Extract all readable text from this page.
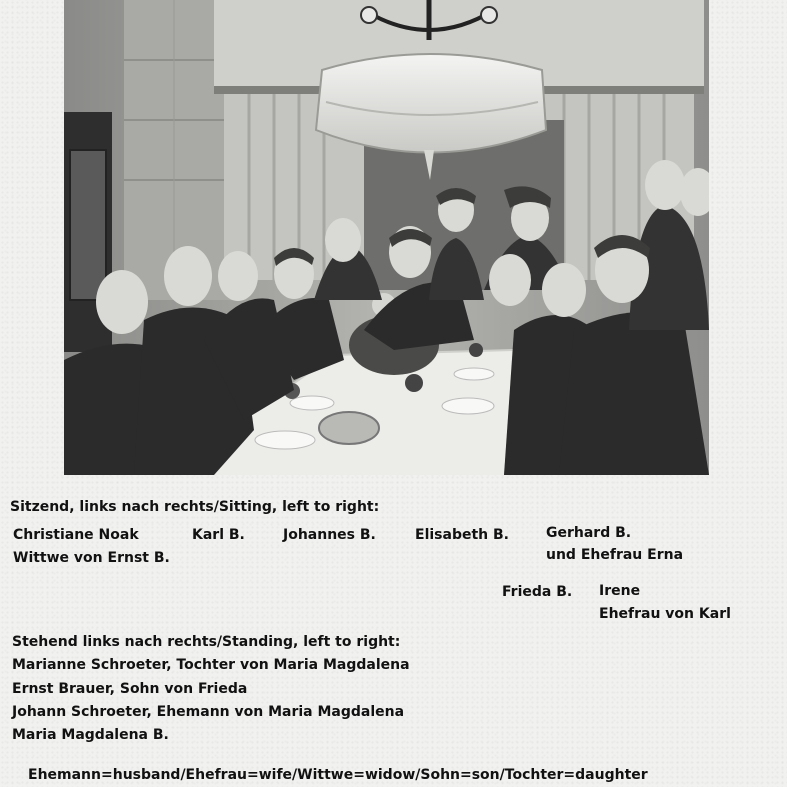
Sitzend, links nach rechts/Sitting, left to right:
Christiane Noak
Wittwe von Ernst B.
Karl B.	Johannes B.	Elisabeth B.	Gerhard B.
und Ehefrau Erna
Frieda B. Irene
Ehefrau von Karl
Stehend links nach rechts/Standing, left to right:
Marianne Schroeter, Tochter von Maria Magdalena
Ernst Brauer, Sohn von Frieda
Johann Schroeter, Ehemann von Maria Magdalena
Maria Magdalena B.
Ehemann=husband/Ehefrau=wife/Wittwe=widow/Sohn=son/Tochter=daughter
